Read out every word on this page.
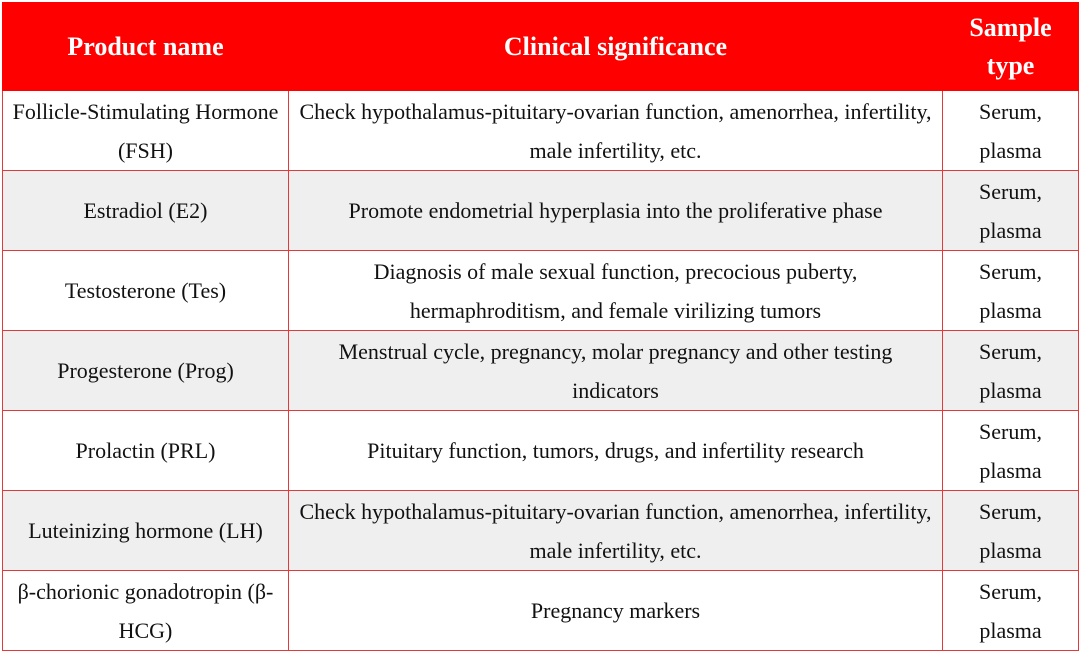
Product name	Clinical significance	Sample type
Follicle-Stimulating Hormone (FSH)	Check hypothalamus-pituitary-ovarian function, amenorrhea, infertility, male infertility, etc.	Serum, plasma
Estradiol (E2)	Promote endometrial hyperplasia into the proliferative phase	Serum, plasma
Testosterone (Tes)	Diagnosis of male sexual function, precocious puberty, hermaphroditism, and female virilizing tumors	Serum, plasma
Progesterone (Prog)	Menstrual cycle, pregnancy, molar pregnancy and other testing indicators	Serum, plasma
Prolactin (PRL)	Pituitary function, tumors, drugs, and infertility research	Serum, plasma
Luteinizing hormone (LH)	Check hypothalamus-pituitary-ovarian function, amenorrhea, infertility, male infertility, etc.	Serum, plasma
β-chorionic gonadotropin (β-HCG)	Pregnancy markers	Serum, plasma
